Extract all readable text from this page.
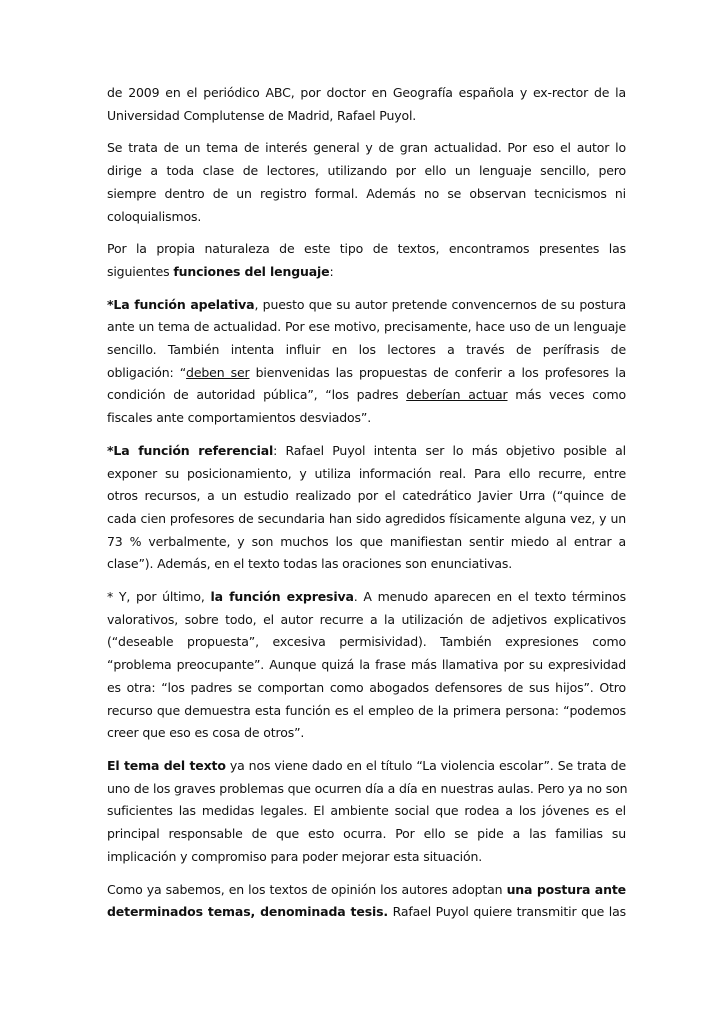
de 2009 en el periódico ABC, por doctor en Geografía española y ex-rector de la
Universidad Complutense de Madrid, Rafael Puyol.

Se trata de un tema de interés general y de gran actualidad. Por eso el autor lo
dirige a toda clase de lectores, utilizando por ello un lenguaje sencillo, pero
siempre dentro de un registro formal. Además no se observan tecnicismos ni
coloquialismos.

Por la propia naturaleza de este tipo de textos, encontramos presentes las
siguientes funciones del lenguaje:

*La función apelativa, puesto que su autor pretende convencernos de su postura
ante un tema de actualidad. Por ese motivo, precisamente, hace uso de un lenguaje
sencillo. También intenta influir en los lectores a través de perífrasis de
obligación: “deben ser bienvenidas las propuestas de conferir a los profesores la
condición de autoridad pública”, “los padres deberían actuar más veces como
fiscales ante comportamientos desviados”.

*La función referencial: Rafael Puyol intenta ser lo más objetivo posible al
exponer su posicionamiento, y utiliza información real. Para ello recurre, entre
otros recursos, a un estudio realizado por el catedrático Javier Urra (“quince de
cada cien profesores de secundaria han sido agredidos físicamente alguna vez, y un
73 % verbalmente, y son muchos los que manifiestan sentir miedo al entrar a
clase”). Además, en el texto todas las oraciones son enunciativas.

* Y, por último, la función expresiva. A menudo aparecen en el texto términos
valorativos, sobre todo, el autor recurre a la utilización de adjetivos explicativos
(“deseable propuesta”, excesiva permisividad). También expresiones como
“problema preocupante”. Aunque quizá la frase más llamativa por su expresividad
es otra: “los padres se comportan como abogados defensores de sus hijos”. Otro
recurso que demuestra esta función es el empleo de la primera persona: “podemos
creer que eso es cosa de otros”.

El tema del texto ya nos viene dado en el título “La violencia escolar”. Se trata de
uno de los graves problemas que ocurren día a día en nuestras aulas. Pero ya no son
suficientes las medidas legales. El ambiente social que rodea a los jóvenes es el
principal responsable de que esto ocurra. Por ello se pide a las familias su
implicación y compromiso para poder mejorar esta situación.

Como ya sabemos, en los textos de opinión los autores adoptan una postura ante
determinados temas, denominada tesis. Rafael Puyol quiere transmitir que las
